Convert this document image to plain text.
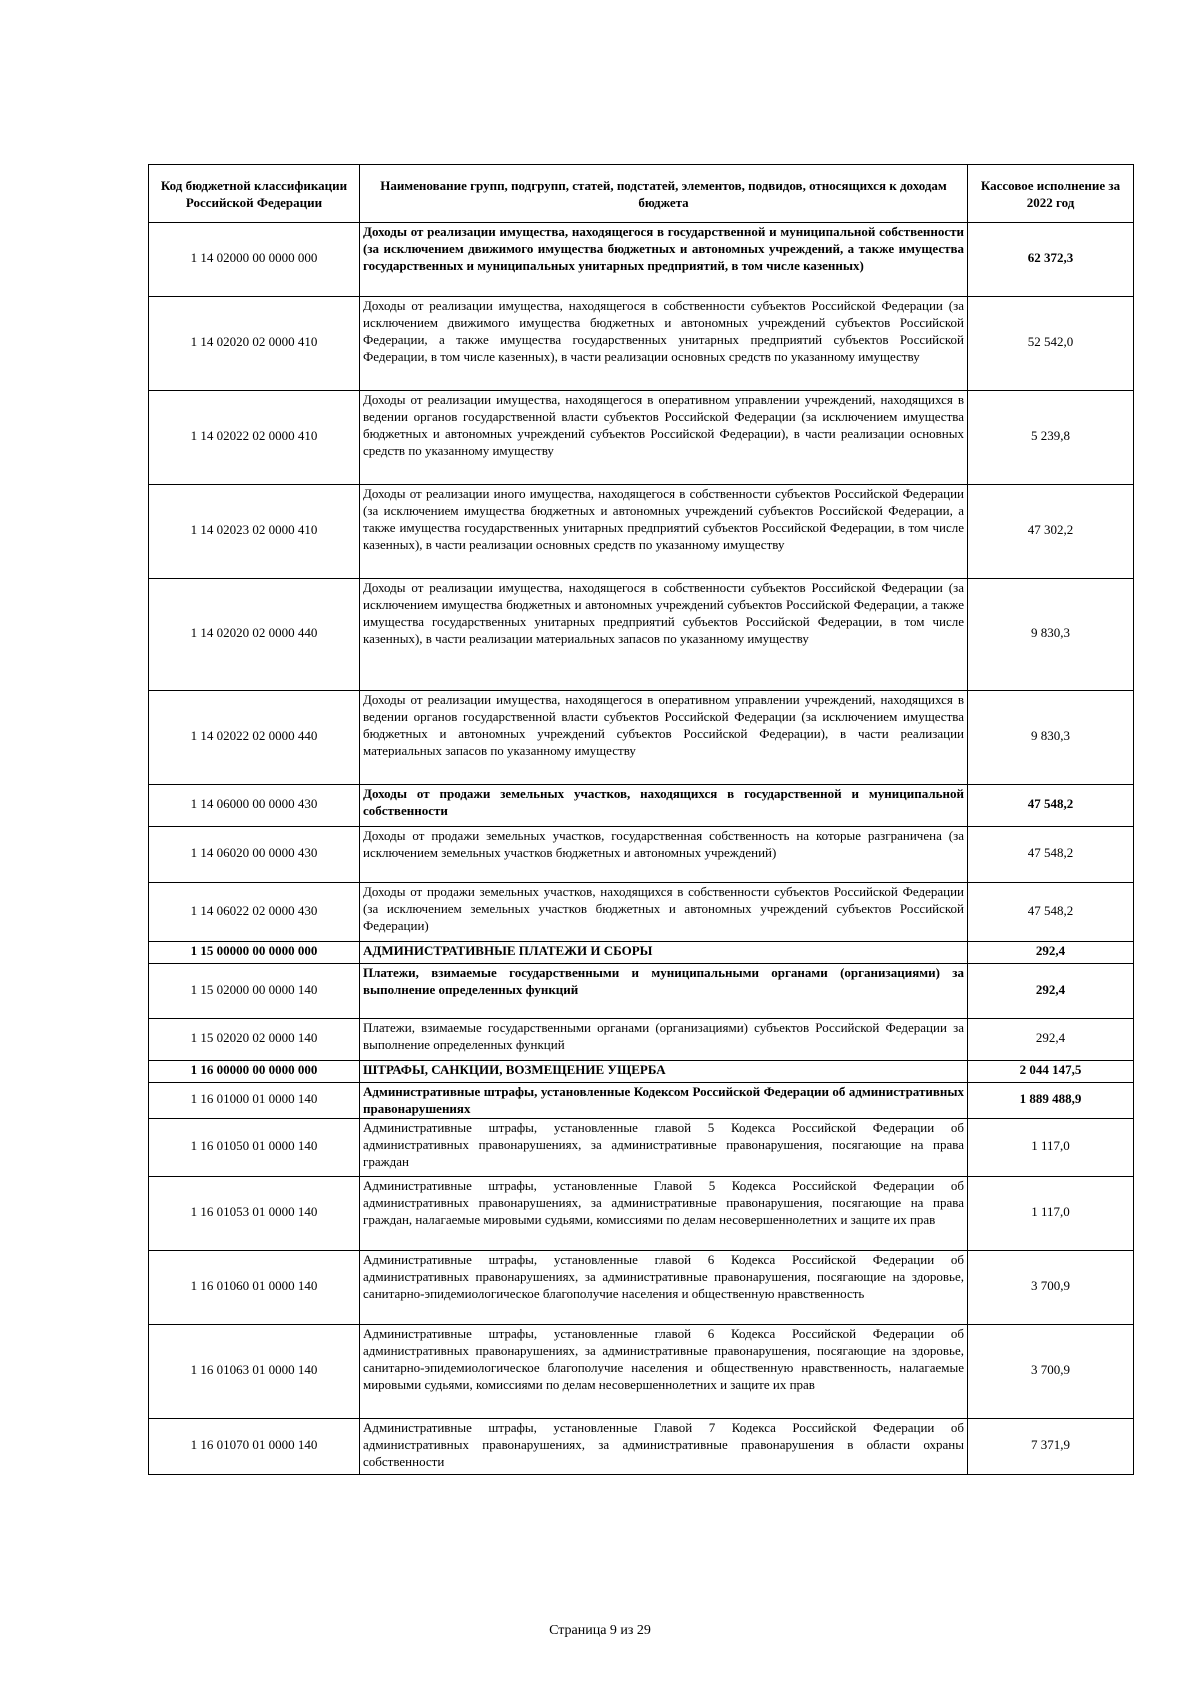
Код бюджетной классификации Российской Федерации	Наименование групп, подгрупп, статей, подстатей, элементов, подвидов, относящихся к доходам бюджета	Кассовое исполнение за 2022 год
1 14 02000 00 0000 000	Доходы от реализации имущества, находящегося в государственной и муниципальной собственности (за исключением движимого имущества бюджетных и автономных учреждений, а также имущества государственных и муниципальных унитарных предприятий, в том числе казенных)	62 372,3
1 14 02020 02 0000 410	Доходы от реализации имущества, находящегося в собственности субъектов Российской Федерации (за исключением движимого имущества бюджетных и автономных учреждений субъектов Российской Федерации, а также имущества государственных унитарных предприятий субъектов Российской Федерации, в том числе казенных), в части реализации основных средств по указанному имуществу	52 542,0
1 14 02022 02 0000 410	Доходы от реализации имущества, находящегося в оперативном управлении учреждений, находящихся в ведении органов государственной власти субъектов Российской Федерации (за исключением имущества бюджетных и автономных учреждений субъектов Российской Федерации), в части реализации основных средств по указанному имуществу	5 239,8
1 14 02023 02 0000 410	Доходы от реализации иного имущества, находящегося в собственности субъектов Российской Федерации (за исключением имущества бюджетных и автономных учреждений субъектов Российской Федерации, а также имущества государственных унитарных предприятий субъектов Российской Федерации, в том числе казенных), в части реализации основных средств по указанному имуществу	47 302,2
1 14 02020 02 0000 440	Доходы от реализации имущества, находящегося в собственности субъектов Российской Федерации (за исключением имущества бюджетных и автономных учреждений субъектов Российской Федерации, а также имущества государственных унитарных предприятий субъектов Российской Федерации, в том числе казенных), в части реализации материальных запасов по указанному имуществу	9 830,3
1 14 02022 02 0000 440	Доходы от реализации имущества, находящегося в оперативном управлении учреждений, находящихся в ведении органов государственной власти субъектов Российской Федерации (за исключением имущества бюджетных и автономных учреждений субъектов Российской Федерации), в части реализации материальных запасов по указанному имуществу	9 830,3
1 14 06000 00 0000 430	Доходы от продажи земельных участков, находящихся в государственной и муниципальной собственности	47 548,2
1 14 06020 00 0000 430	Доходы от продажи земельных участков, государственная собственность на которые разграничена (за исключением земельных участков бюджетных и автономных учреждений)	47 548,2
1 14 06022 02 0000 430	Доходы от продажи земельных участков, находящихся в собственности субъектов Российской Федерации (за исключением земельных участков бюджетных и автономных учреждений субъектов Российской Федерации)	47 548,2
1 15 00000 00 0000 000	АДМИНИСТРАТИВНЫЕ ПЛАТЕЖИ И СБОРЫ	292,4
1 15 02000 00 0000 140	Платежи, взимаемые государственными и муниципальными органами (организациями) за выполнение определенных функций	292,4
1 15 02020 02 0000 140	Платежи, взимаемые государственными органами (организациями) субъектов Российской Федерации за выполнение определенных функций	292,4
1 16 00000 00 0000 000	ШТРАФЫ, САНКЦИИ, ВОЗМЕЩЕНИЕ УЩЕРБА	2 044 147,5
1 16 01000 01 0000 140	Административные штрафы, установленные Кодексом Российской Федерации об административных правонарушениях	1 889 488,9
1 16 01050 01 0000 140	Административные штрафы, установленные главой 5 Кодекса Российской Федерации об административных правонарушениях, за административные правонарушения, посягающие на права граждан	1 117,0
1 16 01053 01 0000 140	Административные штрафы, установленные Главой 5 Кодекса Российской Федерации об административных правонарушениях, за административные правонарушения, посягающие на права граждан, налагаемые мировыми судьями, комиссиями по делам несовершеннолетних и защите их прав	1 117,0
1 16 01060 01 0000 140	Административные штрафы, установленные главой 6 Кодекса Российской Федерации об административных правонарушениях, за административные правонарушения, посягающие на здоровье, санитарно-эпидемиологическое благополучие населения и общественную нравственность	3 700,9
1 16 01063 01 0000 140	Административные штрафы, установленные главой 6 Кодекса Российской Федерации об административных правонарушениях, за административные правонарушения, посягающие на здоровье, санитарно-эпидемиологическое благополучие населения и общественную нравственность, налагаемые мировыми судьями, комиссиями по делам несовершеннолетних и защите их прав	3 700,9
1 16 01070 01 0000 140	Административные штрафы, установленные Главой 7 Кодекса Российской Федерации об административных правонарушениях, за административные правонарушения в области охраны собственности	7 371,9
Страница 9 из 29
